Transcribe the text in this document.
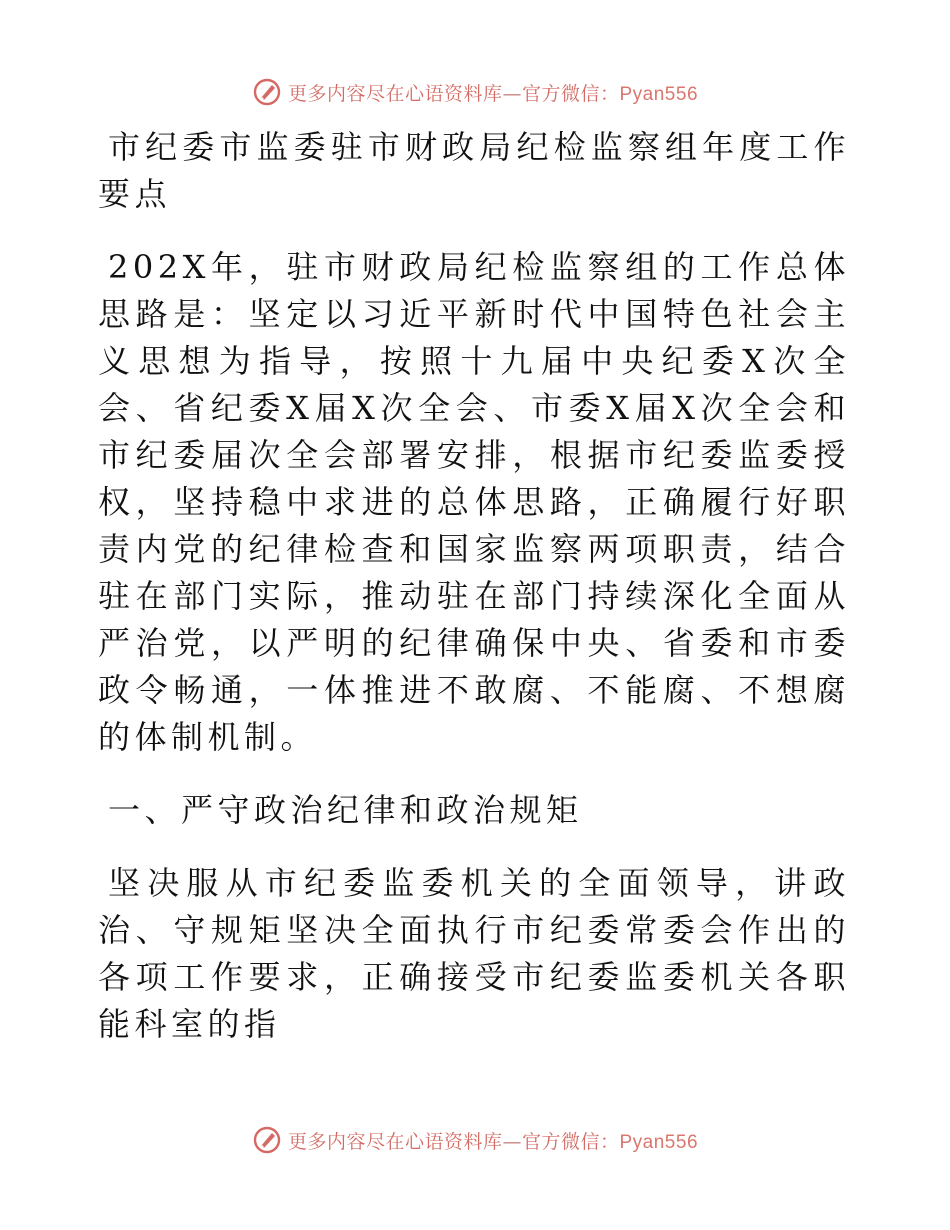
更多内容尽在心语资料库—官方微信：Pyan556

市纪委市监委驻市财政局纪检监察组年度工作要点

202X年，驻市财政局纪检监察组的工作总体思路是：坚定以习近平新时代中国特色社会主义思想为指导，按照十九届中央纪委X次全会、省纪委X届X次全会、市委X届X次全会和市纪委届次全会部署安排，根据市纪委监委授权，坚持稳中求进的总体思路，正确履行好职责内党的纪律检查和国家监察两项职责，结合驻在部门实际，推动驻在部门持续深化全面从严治党，以严明的纪律确保中央、省委和市委政令畅通，一体推进不敢腐、不能腐、不想腐的体制机制。

一、严守政治纪律和政治规矩

坚决服从市纪委监委机关的全面领导，讲政治、守规矩坚决全面执行市纪委常委会作出的各项工作要求，正确接受市纪委监委机关各职能科室的指

更多内容尽在心语资料库—官方微信：Pyan556
